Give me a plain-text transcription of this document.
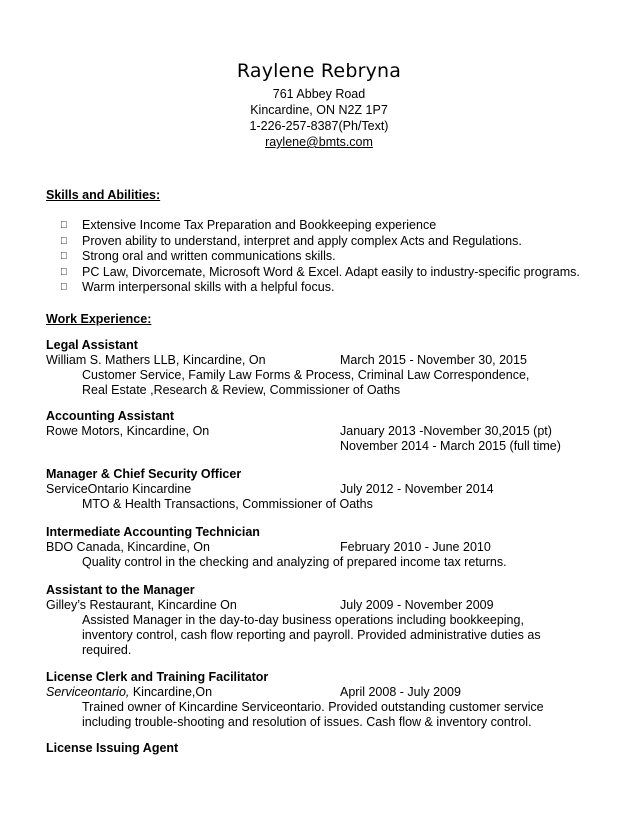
Raylene Rebryna
761 Abbey Road
Kincardine, ON N2Z 1P7
1-226-257-8387(Ph/Text)
raylene@bmts.com
Skills and Abilities:
Extensive Income Tax Preparation and Bookkeeping experience
Proven ability to understand, interpret and apply complex Acts and Regulations.
Strong oral and written communications skills.
PC Law, Divorcemate, Microsoft Word & Excel. Adapt easily to industry-specific programs.
Warm interpersonal skills with a helpful focus.
Work Experience:
Legal Assistant
William S. Mathers LLB, Kincardine, On	March 2015 - November 30, 2015
Customer Service, Family Law Forms & Process, Criminal Law Correspondence,
Real Estate ,Research & Review, Commissioner of Oaths
Accounting Assistant
Rowe Motors, Kincardine, On	January 2013 -November 30,2015 (pt)
November 2014 - March 2015 (full time)
Manager & Chief Security Officer
ServiceOntario Kincardine	July 2012 - November 2014
MTO & Health Transactions, Commissioner of Oaths
Intermediate Accounting Technician
BDO Canada, Kincardine, On	February 2010 - June 2010
Quality control in the checking and analyzing of prepared income tax returns.
Assistant to the Manager
Gilley’s Restaurant, Kincardine On	July 2009 - November 2009
Assisted Manager in the day-to-day business operations including bookkeeping,
inventory control, cash flow reporting and payroll. Provided administrative duties as
required.
License Clerk and Training Facilitator
Serviceontario, Kincardine,On	April 2008 - July 2009
Trained owner of Kincardine Serviceontario. Provided outstanding customer service
including trouble-shooting and resolution of issues. Cash flow & inventory control.
License Issuing Agent
